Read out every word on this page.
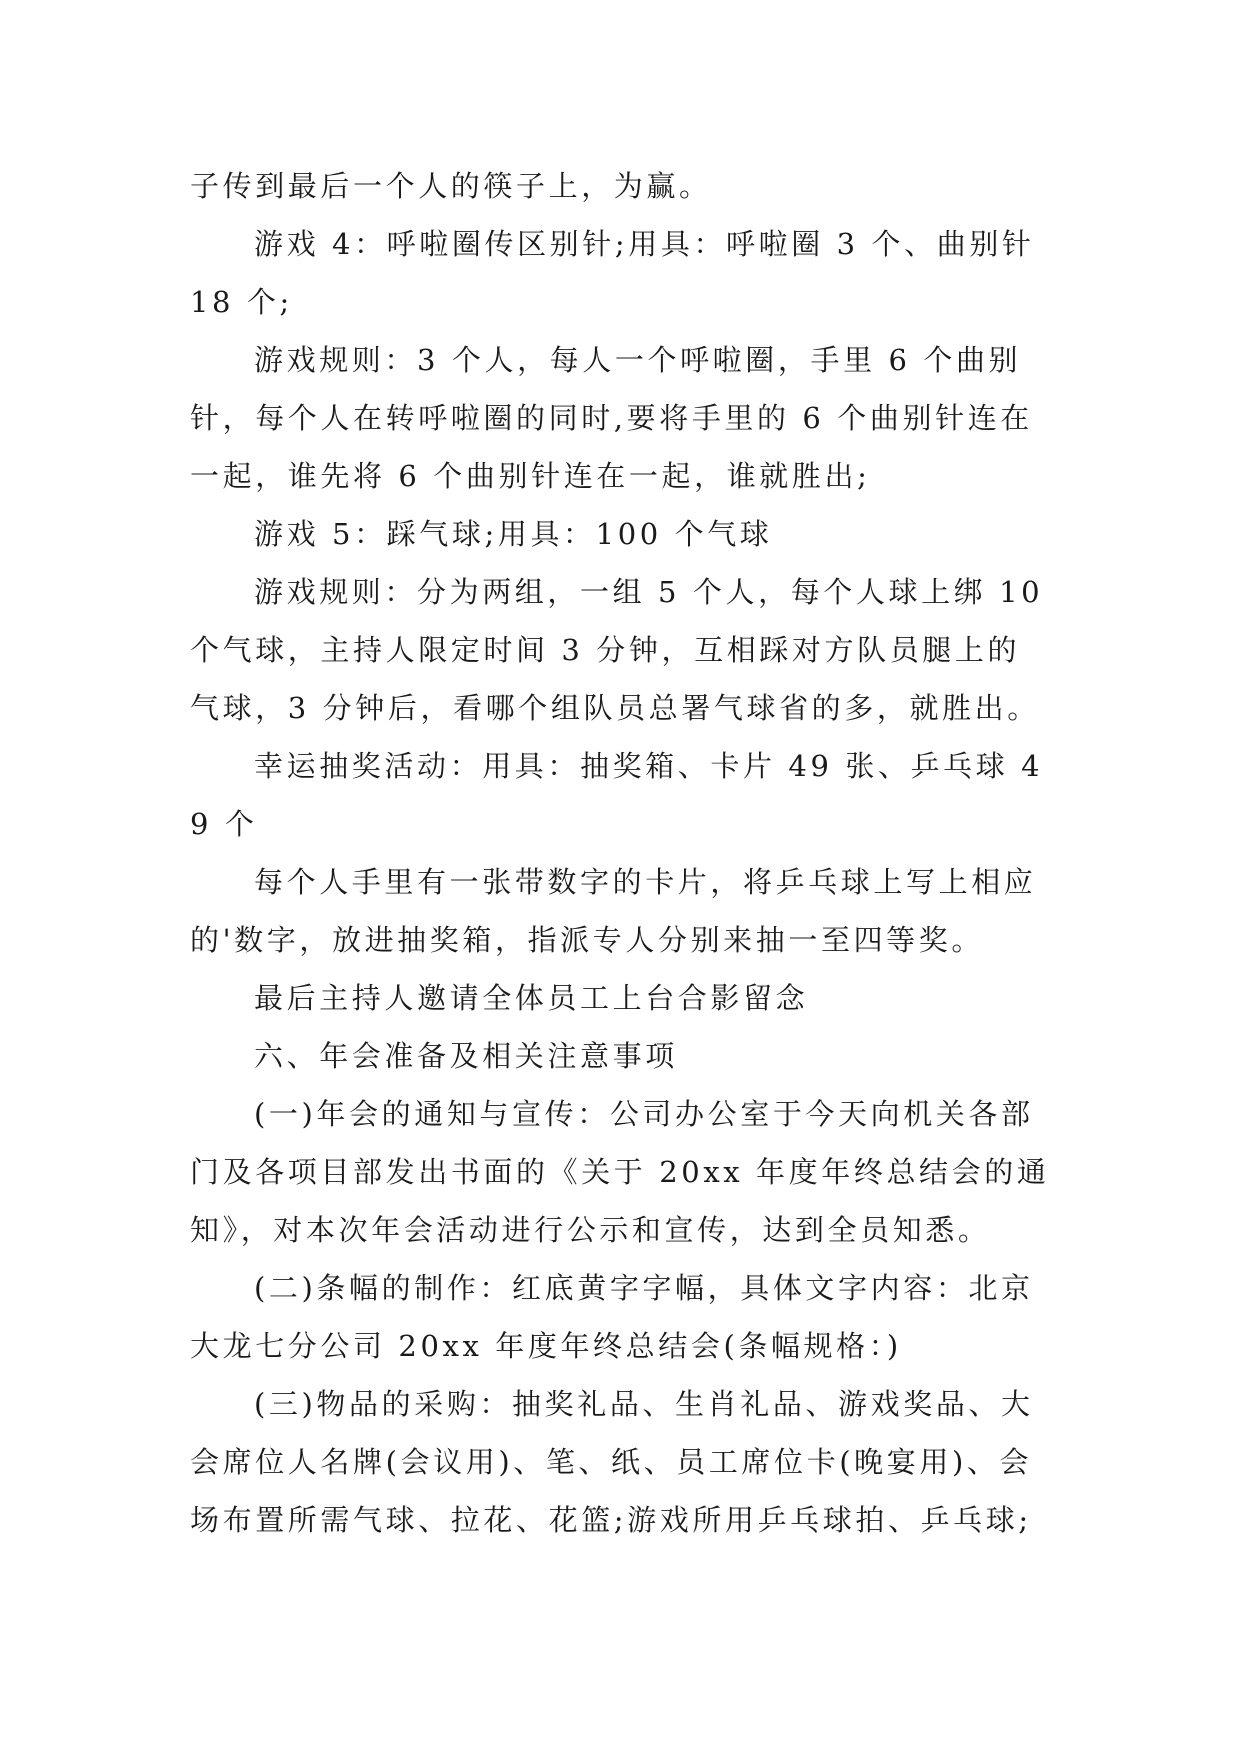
子传到最后一个人的筷子上，为赢。

游戏 4：呼啦圈传区别针;用具：呼啦圈 3 个、曲别针 18 个;

游戏规则：3 个人，每人一个呼啦圈，手里 6 个曲别针，每个人在转呼啦圈的同时,要将手里的 6 个曲别针连在一起，谁先将 6 个曲别针连在一起，谁就胜出;

游戏 5：踩气球;用具：100 个气球

游戏规则：分为两组，一组 5 个人，每个人球上绑 10 个气球，主持人限定时间 3 分钟，互相踩对方队员腿上的气球，3 分钟后，看哪个组队员总署气球省的多，就胜出。

幸运抽奖活动：用具：抽奖箱、卡片 49 张、乒乓球 49 个

每个人手里有一张带数字的卡片，将乒乓球上写上相应的'数字，放进抽奖箱，指派专人分别来抽一至四等奖。

最后主持人邀请全体员工上台合影留念

六、年会准备及相关注意事项

(一)年会的通知与宣传：公司办公室于今天向机关各部门及各项目部发出书面的《关于 20xx 年度年终总结会的通知》，对本次年会活动进行公示和宣传，达到全员知悉。

(二)条幅的制作：红底黄字字幅，具体文字内容：北京大龙七分公司 20xx 年度年终总结会(条幅规格：)

(三)物品的采购：抽奖礼品、生肖礼品、游戏奖品、大会席位人名牌(会议用)、笔、纸、员工席位卡(晚宴用)、会场布置所需气球、拉花、花篮;游戏所用乒乓球拍、乒乓球;
